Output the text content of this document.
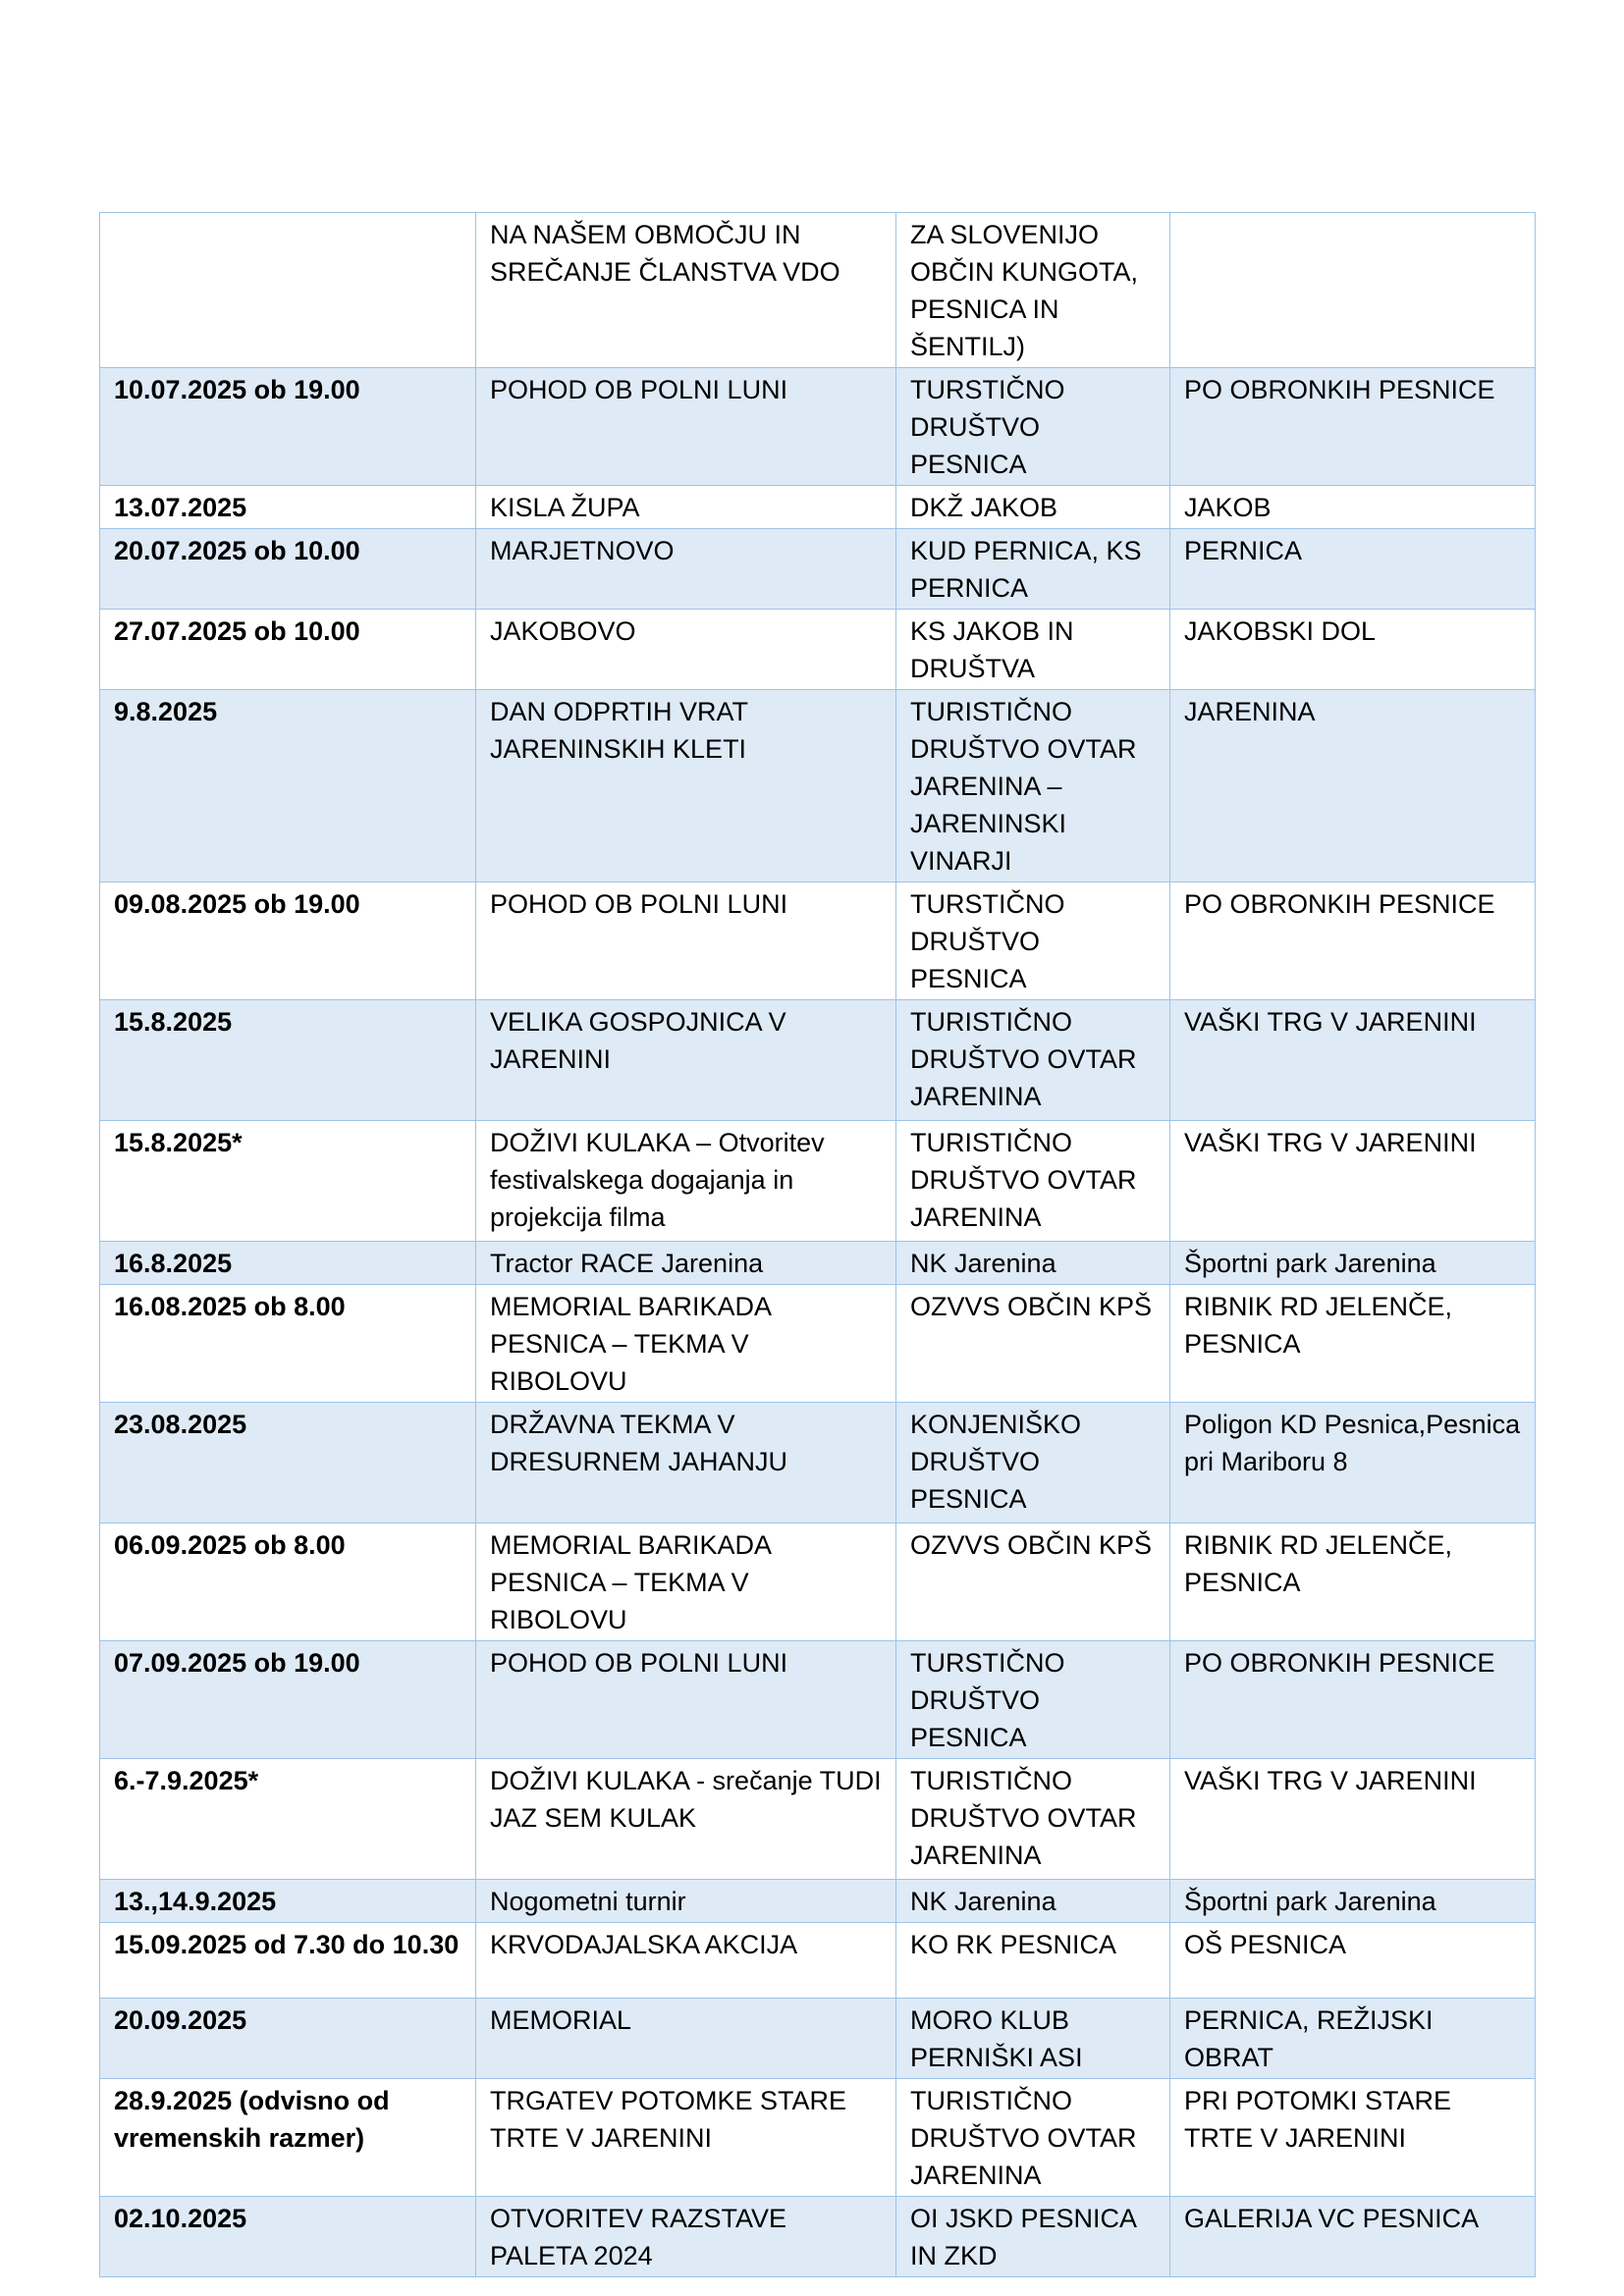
	NA NAŠEM OBMOČJU IN SREČANJE ČLANSTVA VDO	ZA SLOVENIJO OBČIN KUNGOTA, PESNICA IN ŠENTILJ)	
10.07.2025 ob 19.00	POHOD OB POLNI LUNI	TURSTIČNO DRUŠTVO PESNICA	PO OBRONKIH PESNICE
13.07.2025	KISLA ŽUPA	DKŽ JAKOB	JAKOB
20.07.2025 ob 10.00	MARJETNOVO	KUD PERNICA, KS PERNICA	PERNICA
27.07.2025 ob 10.00	JAKOBOVO	KS JAKOB IN DRUŠTVA	JAKOBSKI DOL
9.8.2025	DAN ODPRTIH VRAT JARENINSKIH KLETI	TURISTIČNO DRUŠTVO OVTAR JARENINA – JARENINSKI VINARJI	JARENINA
09.08.2025 ob 19.00	POHOD OB POLNI LUNI	TURSTIČNO DRUŠTVO PESNICA	PO OBRONKIH PESNICE
15.8.2025	VELIKA GOSPOJNICA V JARENINI	TURISTIČNO DRUŠTVO OVTAR JARENINA	VAŠKI TRG V JARENINI
15.8.2025*	DOŽIVI KULAKA – Otvoritev festivalskega dogajanja in projekcija filma	TURISTIČNO DRUŠTVO OVTAR JARENINA	VAŠKI TRG V JARENINI
16.8.2025	Tractor RACE Jarenina	NK Jarenina	Športni park Jarenina
16.08.2025 ob 8.00	MEMORIAL BARIKADA PESNICA – TEKMA V RIBOLOVU	OZVVS OBČIN KPŠ	RIBNIK RD JELENČE, PESNICA
23.08.2025	DRŽAVNA TEKMA V DRESURNEM JAHANJU	KONJENIŠKO DRUŠTVO PESNICA	Poligon KD Pesnica,Pesnica pri Mariboru 8
06.09.2025 ob 8.00	MEMORIAL BARIKADA PESNICA – TEKMA V RIBOLOVU	OZVVS OBČIN KPŠ	RIBNIK RD JELENČE, PESNICA
07.09.2025 ob 19.00	POHOD OB POLNI LUNI	TURSTIČNO DRUŠTVO PESNICA	PO OBRONKIH PESNICE
6.-7.9.2025*	DOŽIVI KULAKA - srečanje TUDI JAZ SEM KULAK	TURISTIČNO DRUŠTVO OVTAR JARENINA	VAŠKI TRG V JARENINI
13.,14.9.2025	Nogometni turnir	NK Jarenina	Športni park Jarenina
15.09.2025 od 7.30 do 10.30	KRVODAJALSKA AKCIJA	KO RK PESNICA	OŠ PESNICA
20.09.2025	MEMORIAL	MORO KLUB PERNIŠKI ASI	PERNICA, REŽIJSKI OBRAT
28.9.2025 (odvisno od vremenskih razmer)	TRGATEV POTOMKE STARE TRTE V JARENINI	TURISTIČNO DRUŠTVO OVTAR JARENINA	PRI POTOMKI STARE TRTE V JARENINI
02.10.2025	OTVORITEV RAZSTAVE PALETA 2024	OI JSKD PESNICA IN ZKD	GALERIJA VC PESNICA
